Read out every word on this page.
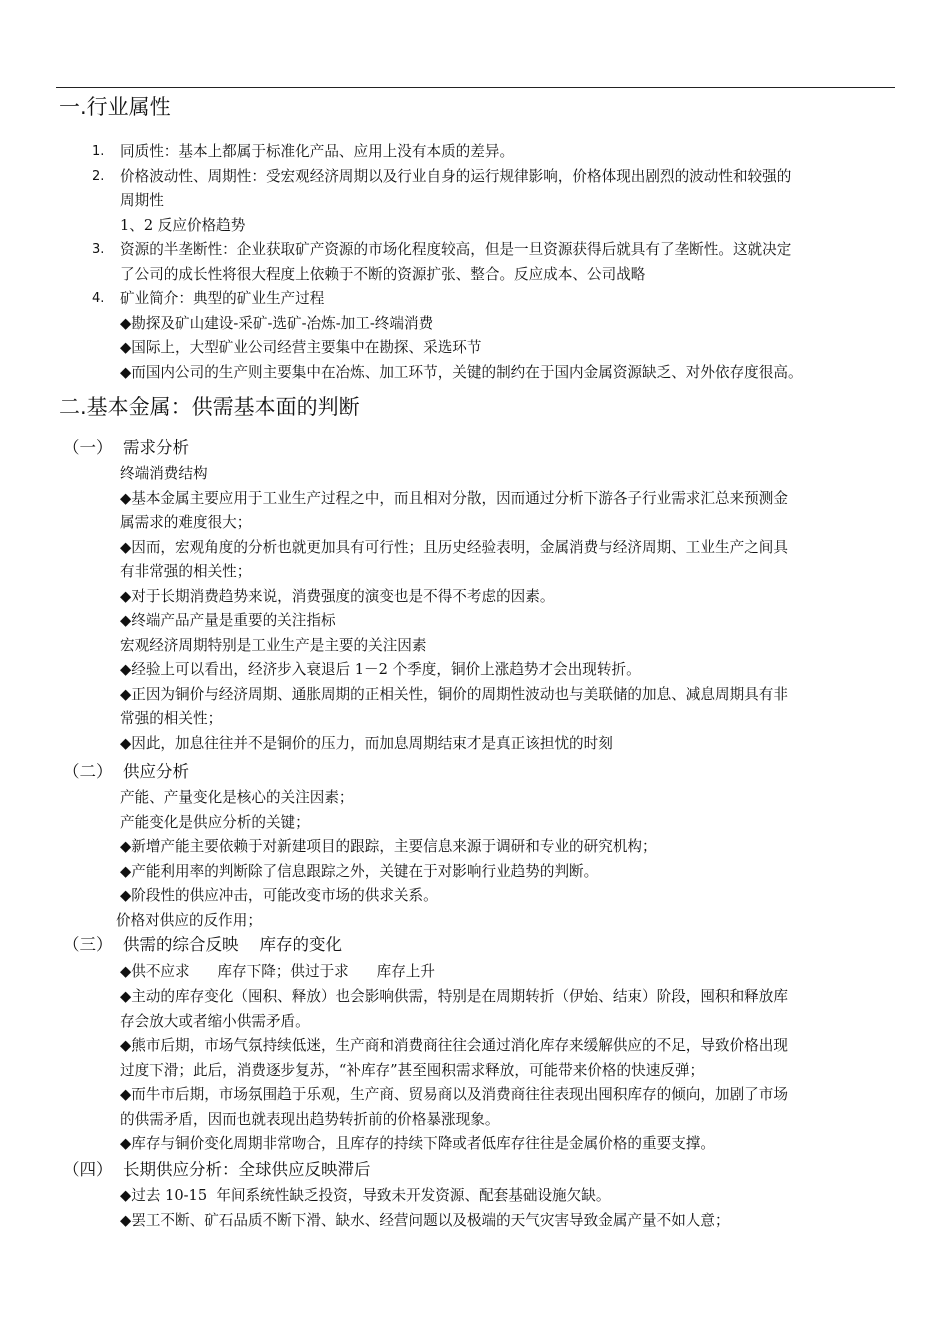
一.行业属性
1. 同质性：基本上都属于标准化产品、应用上没有本质的差异。
2. 价格波动性、周期性：受宏观经济周期以及行业自身的运行规律影响，价格体现出剧烈的波动性和较强的
周期性
1、2 反应价格趋势
3. 资源的半垄断性：企业获取矿产资源的市场化程度较高，但是一旦资源获得后就具有了垄断性。这就决定
了公司的成长性将很大程度上依赖于不断的资源扩张、整合。反应成本、公司战略
4. 矿业简介：典型的矿业生产过程
◆勘探及矿山建设-采矿-选矿-冶炼-加工-终端消费
◆国际上，大型矿业公司经营主要集中在勘探、采选环节
◆而国内公司的生产则主要集中在冶炼、加工环节，关键的制约在于国内金属资源缺乏、对外依存度很高。
二.基本金属：供需基本面的判断
（一） 需求分析
终端消费结构
◆基本金属主要应用于工业生产过程之中，而且相对分散，因而通过分析下游各子行业需求汇总来预测金
属需求的难度很大；
◆因而，宏观角度的分析也就更加具有可行性；且历史经验表明，金属消费与经济周期、工业生产之间具
有非常强的相关性；
◆对于长期消费趋势来说，消费强度的演变也是不得不考虑的因素。
◆终端产品产量是重要的关注指标
宏观经济周期特别是工业生产是主要的关注因素
◆经验上可以看出，经济步入衰退后 1－2 个季度，铜价上涨趋势才会出现转折。
◆正因为铜价与经济周期、通胀周期的正相关性，铜价的周期性波动也与美联储的加息、减息周期具有非
常强的相关性；
◆因此，加息往往并不是铜价的压力，而加息周期结束才是真正该担忧的时刻
（二） 供应分析
产能、产量变化是核心的关注因素；
产能变化是供应分析的关键；
◆新增产能主要依赖于对新建项目的跟踪，主要信息来源于调研和专业的研究机构；
◆产能利用率的判断除了信息跟踪之外，关键在于对影响行业趋势的判断。
◆阶段性的供应冲击，可能改变市场的供求关系。
价格对供应的反作用；
（三） 供需的综合反映    库存的变化
◆供不应求      库存下降；供过于求      库存上升
◆主动的库存变化（囤积、释放）也会影响供需，特别是在周期转折（伊始、结束）阶段，囤积和释放库
存会放大或者缩小供需矛盾。
◆熊市后期，市场气氛持续低迷，生产商和消费商往往会通过消化库存来缓解供应的不足，导致价格出现
过度下滑；此后，消费逐步复苏，“补库存”甚至囤积需求释放，可能带来价格的快速反弹；
◆而牛市后期，市场氛围趋于乐观，生产商、贸易商以及消费商往往表现出囤积库存的倾向，加剧了市场
的供需矛盾，因而也就表现出趋势转折前的价格暴涨现象。
◆库存与铜价变化周期非常吻合，且库存的持续下降或者低库存往往是金属价格的重要支撑。
（四） 长期供应分析：全球供应反映滞后
◆过去 10-15  年间系统性缺乏投资，导致未开发资源、配套基础设施欠缺。
◆罢工不断、矿石品质不断下滑、缺水、经营问题以及极端的天气灾害导致金属产量不如人意；
